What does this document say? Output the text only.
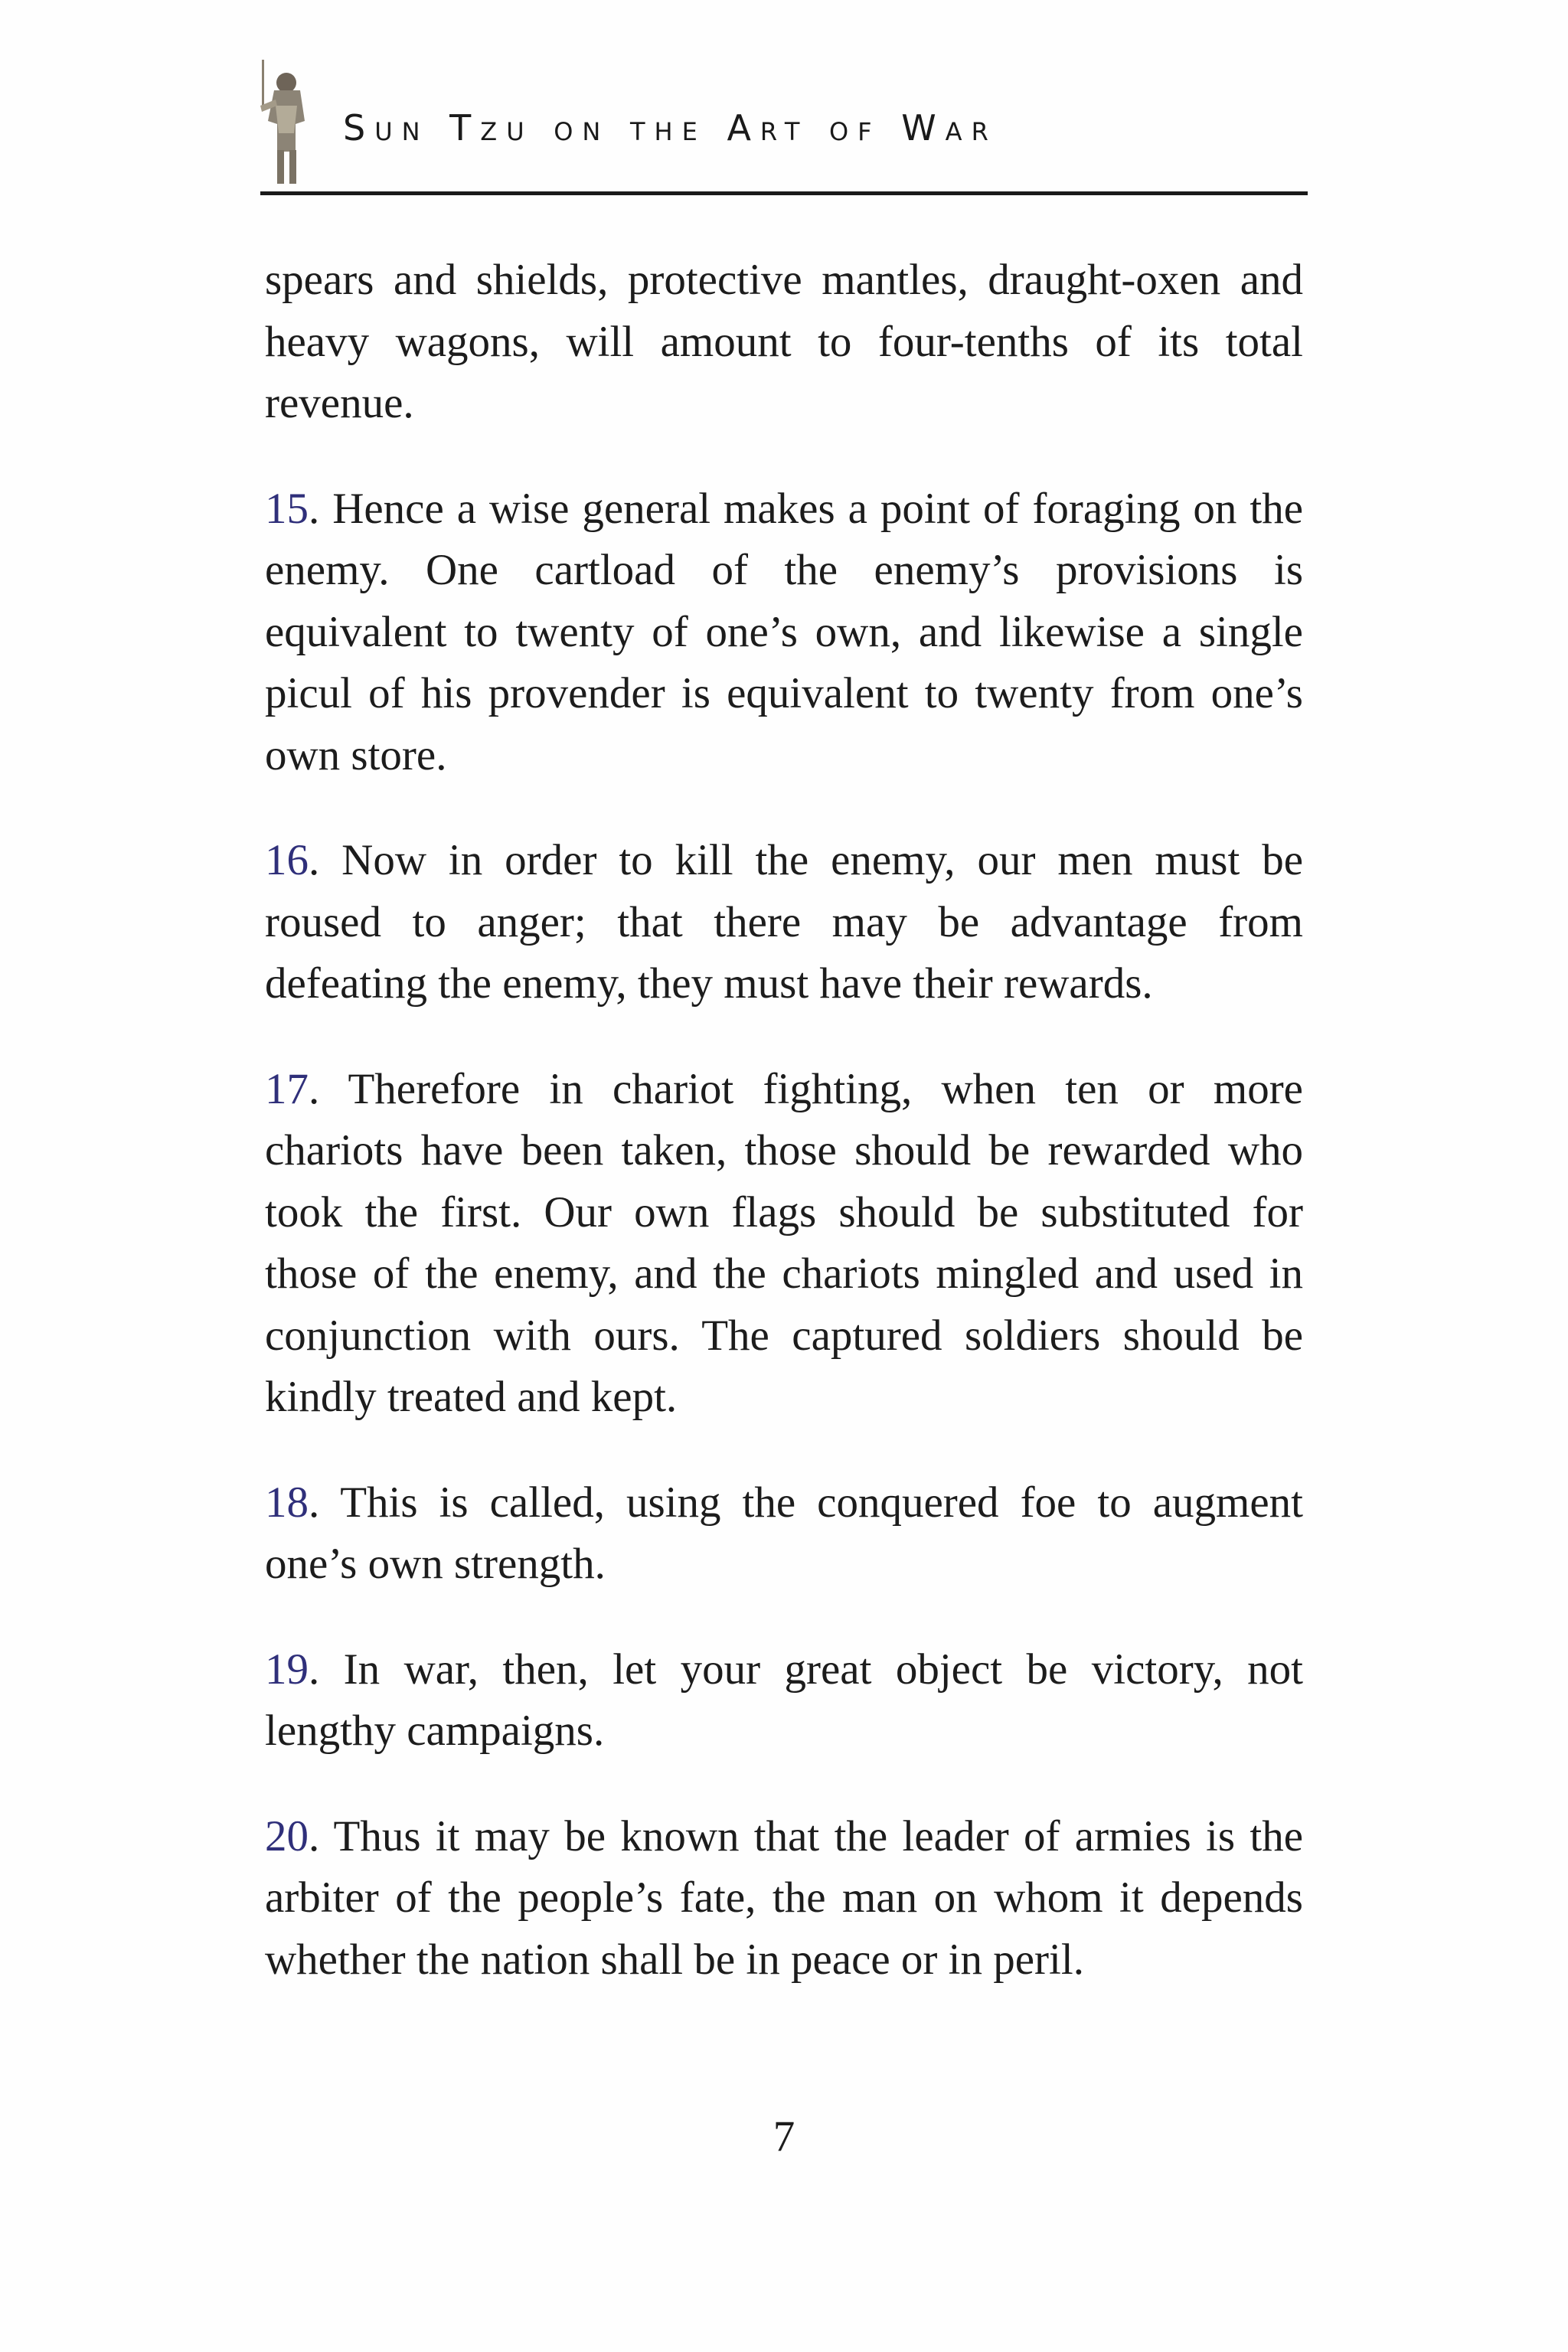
Sun Tzu on the Art of War

spears and shields, protective mantles, draught-oxen and heavy wagons, will amount to four-tenths of its total revenue.

15. Hence a wise general makes a point of foraging on the enemy. One cartload of the enemy’s provisions is equivalent to twenty of one’s own, and likewise a single picul of his provender is equivalent to twenty from one’s own store.

16. Now in order to kill the enemy, our men must be roused to anger; that there may be advantage from defeating the enemy, they must have their rewards.

17. Therefore in chariot fighting, when ten or more chariots have been taken, those should be rewarded who took the first. Our own flags should be substituted for those of the enemy, and the chariots mingled and used in conjunction with ours. The captured soldiers should be kindly treated and kept.

18. This is called, using the conquered foe to augment one’s own strength.

19. In war, then, let your great object be victory, not lengthy campaigns.

20. Thus it may be known that the leader of armies is the arbiter of the people’s fate, the man on whom it depends whether the nation shall be in peace or in peril.

7
